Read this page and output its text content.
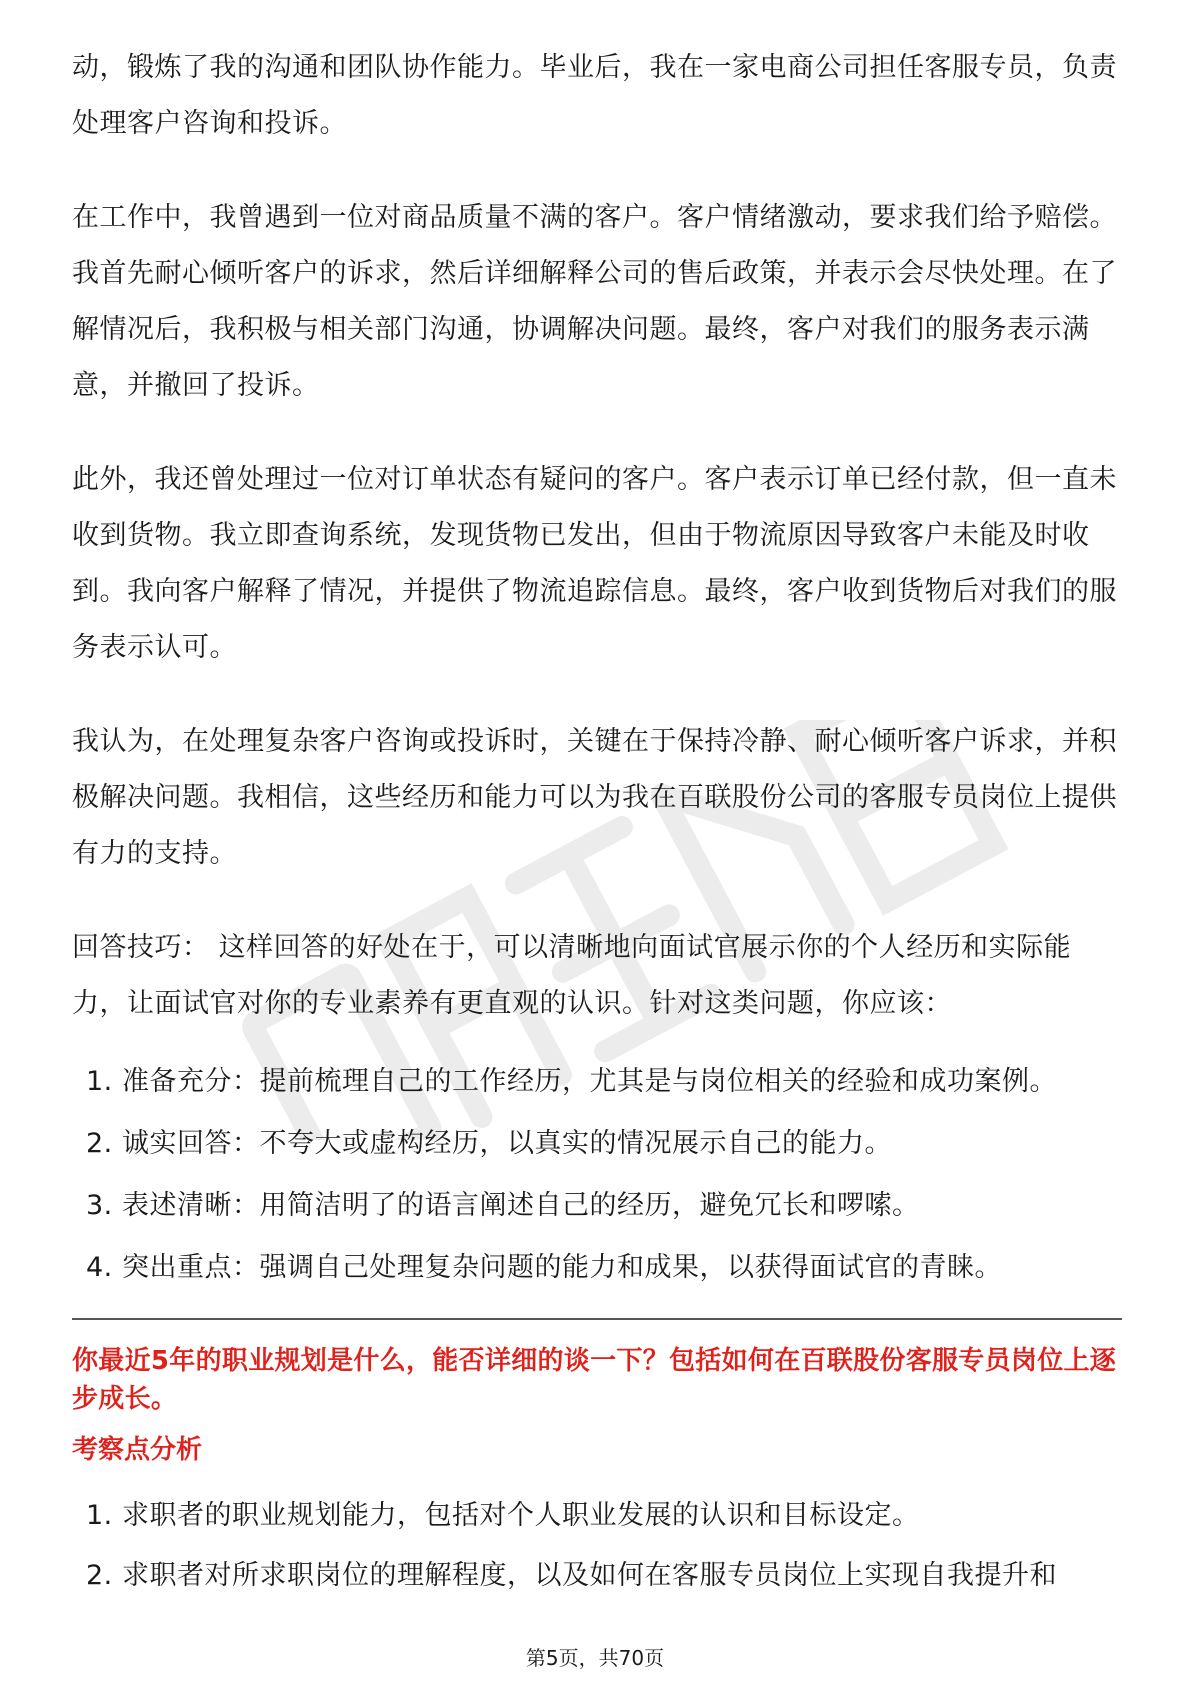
动，锻炼了我的沟通和团队协作能力。毕业后，我在一家电商公司担任客服专员，负责处理客户咨询和投诉。

在工作中，我曾遇到一位对商品质量不满的客户。客户情绪激动，要求我们给予赔偿。我首先耐心倾听客户的诉求，然后详细解释公司的售后政策，并表示会尽快处理。在了解情况后，我积极与相关部门沟通，协调解决问题。最终，客户对我们的服务表示满意，并撤回了投诉。

此外，我还曾处理过一位对订单状态有疑问的客户。客户表示订单已经付款，但一直未收到货物。我立即查询系统，发现货物已发出，但由于物流原因导致客户未能及时收到。我向客户解释了情况，并提供了物流追踪信息。最终，客户收到货物后对我们的服务表示认可。

我认为，在处理复杂客户咨询或投诉时，关键在于保持冷静、耐心倾听客户诉求，并积极解决问题。我相信，这些经历和能力可以为我在百联股份公司的客服专员岗位上提供有力的支持。

回答技巧： 这样回答的好处在于，可以清晰地向面试官展示你的个人经历和实际能力，让面试官对你的专业素养有更直观的认识。针对这类问题，你应该：

1. 准备充分：提前梳理自己的工作经历，尤其是与岗位相关的经验和成功案例。
2. 诚实回答：不夸大或虚构经历，以真实的情况展示自己的能力。
3. 表述清晰：用简洁明了的语言阐述自己的经历，避免冗长和啰嗦。
4. 突出重点：强调自己处理复杂问题的能力和成果，以获得面试官的青睐。

你最近5年的职业规划是什么，能否详细的谈一下？包括如何在百联股份客服专员岗位上逐步成长。

考察点分析
1. 求职者的职业规划能力，包括对个人职业发展的认识和目标设定。
2. 求职者对所求职岗位的理解程度，以及如何在客服专员岗位上实现自我提升和
第5页，共70页
